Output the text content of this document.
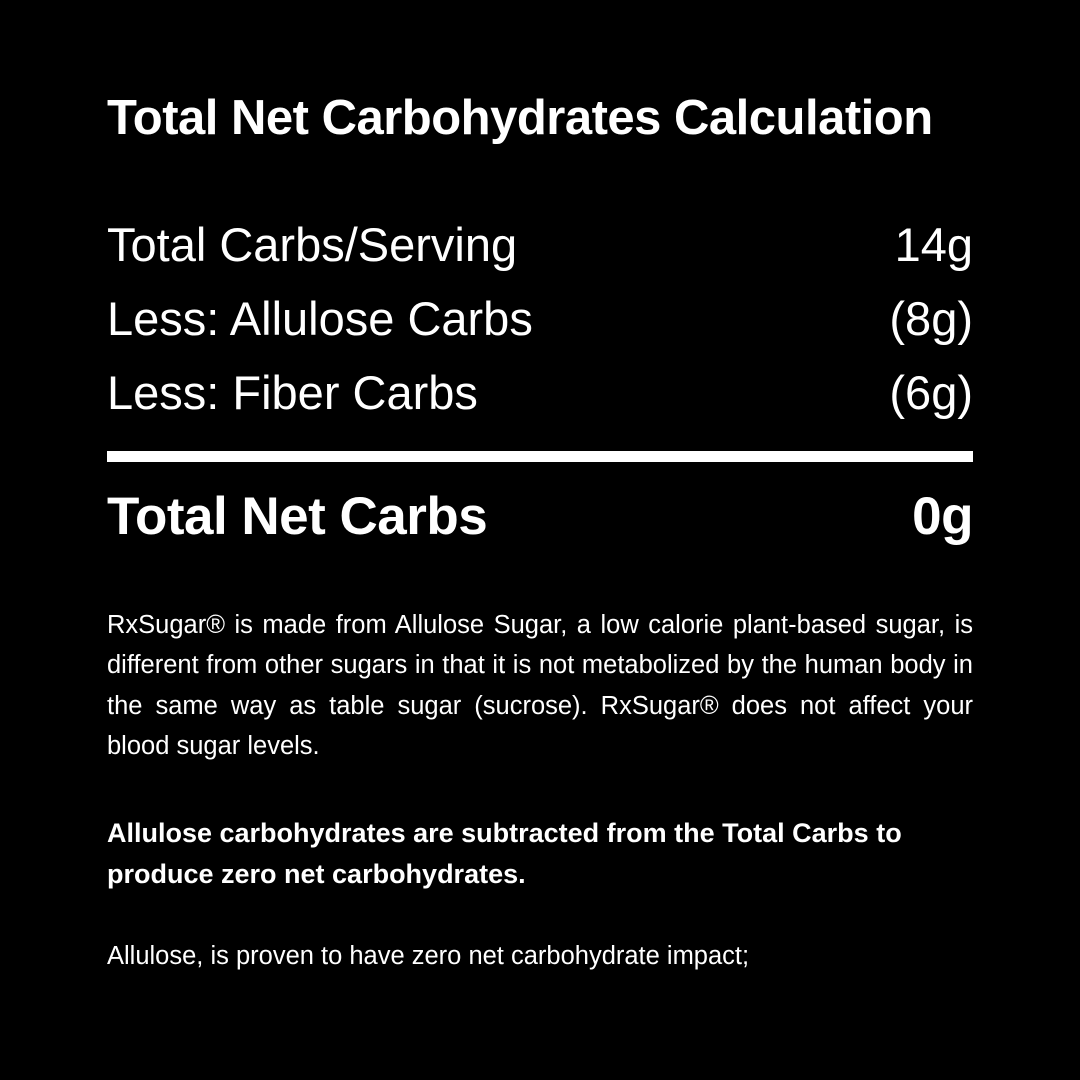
Total Net Carbohydrates Calculation
Total Carbs/Serving	14g
Less: Allulose Carbs	(8g)
Less: Fiber Carbs	(6g)
Total Net Carbs	0g

RxSugar® is made from Allulose Sugar, a low calorie plant-based sugar, is different from other sugars in that it is not metabolized by the human body in the same way as table sugar (sucrose). RxSugar® does not affect your blood sugar levels.

Allulose carbohydrates are subtracted from the Total Carbs to produce zero net carbohydrates.

Allulose, is proven to have zero net carbohydrate impact;
